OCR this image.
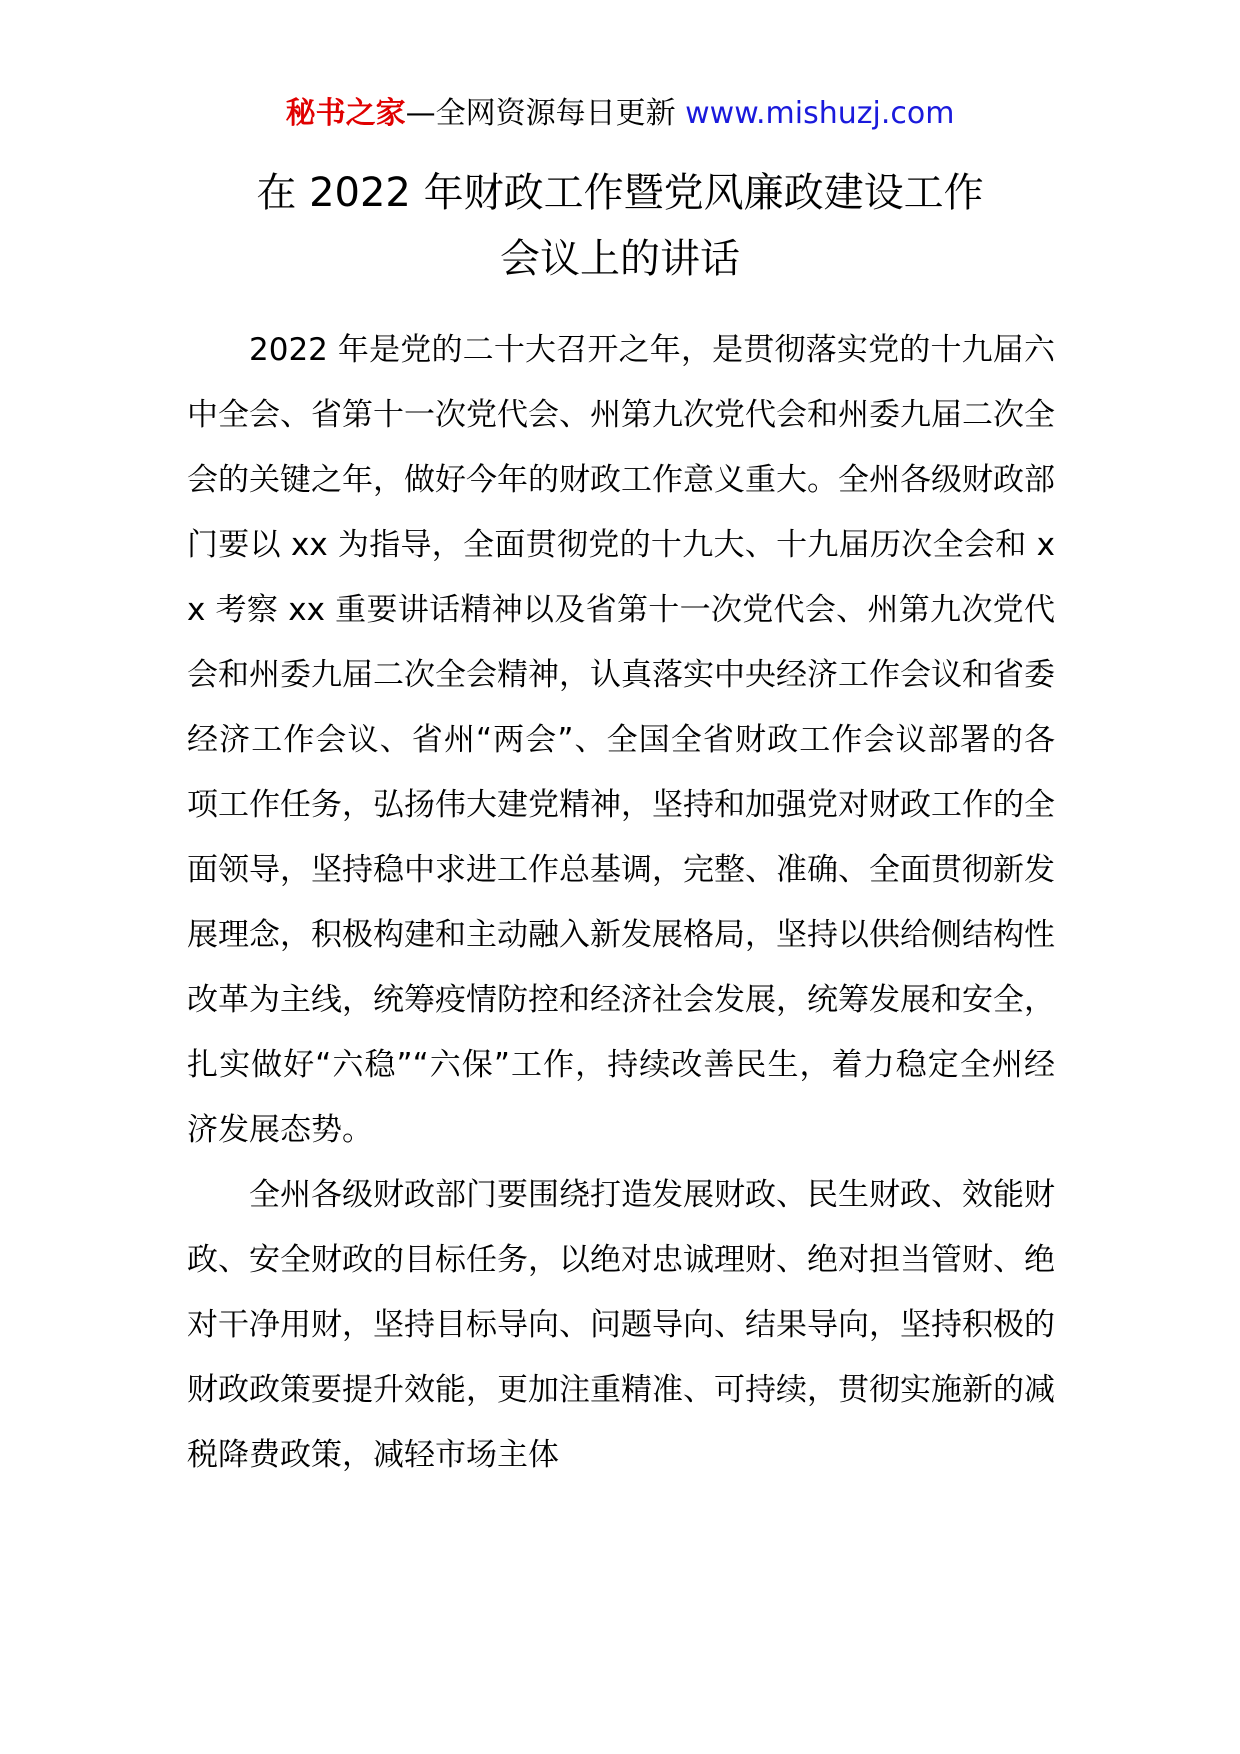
秘书之家—全网资源每日更新 www.mishuzj.com
在 2022 年财政工作暨党风廉政建设工作
会议上的讲话

2022 年是党的二十大召开之年，是贯彻落实党的十九届六中全会、省第十一次党代会、州第九次党代会和州委九届二次全会的关键之年，做好今年的财政工作意义重大。全州各级财政部门要以 xx 为指导，全面贯彻党的十九大、十九届历次全会和 xx 考察 xx 重要讲话精神以及省第十一次党代会、州第九次党代会和州委九届二次全会精神，认真落实中央经济工作会议和省委经济工作会议、省州“两会”、全国全省财政工作会议部署的各项工作任务，弘扬伟大建党精神，坚持和加强党对财政工作的全面领导，坚持稳中求进工作总基调，完整、准确、全面贯彻新发展理念，积极构建和主动融入新发展格局，坚持以供给侧结构性改革为主线，统筹疫情防控和经济社会发展，统筹发展和安全，扎实做好“六稳”“六保”工作，持续改善民生，着力稳定全州经济发展态势。

全州各级财政部门要围绕打造发展财政、民生财政、效能财政、安全财政的目标任务，以绝对忠诚理财、绝对担当管财、绝对干净用财，坚持目标导向、问题导向、结果导向，坚持积极的财政政策要提升效能，更加注重精准、可持续，贯彻实施新的减税降费政策，减轻市场主体
